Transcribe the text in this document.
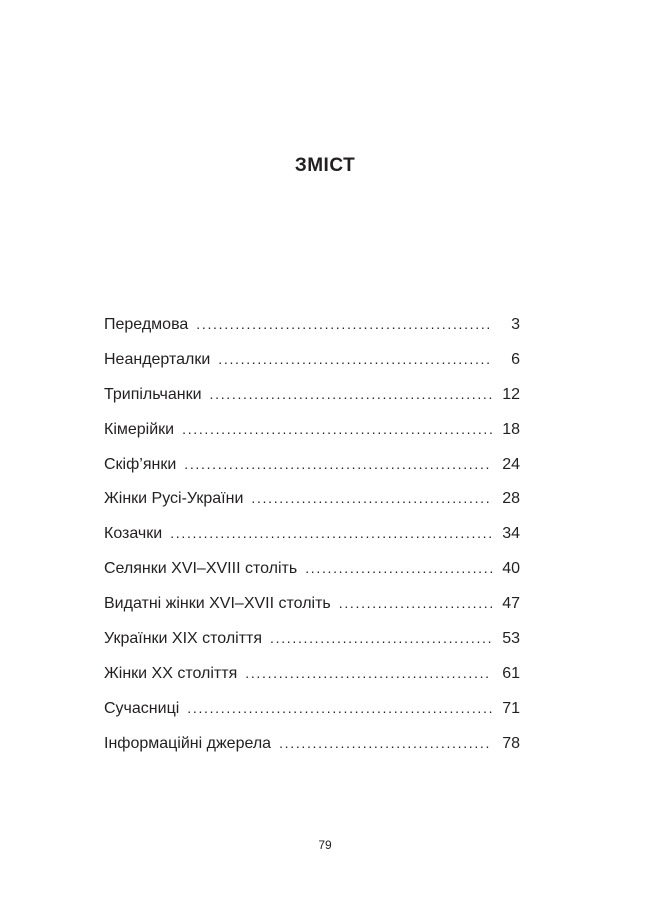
ЗМІСТ
Передмова . . .	3
Неандерталки . . .	6
Трипільчанки . . .	12
Кімерійки . . .	18
Скіф’янки . . .	24
Жінки Русі-України . . .	28
Козачки . . .	34
Селянки XVI–XVIII століть . . .	40
Видатні жінки XVI–XVII століть . . .	47
Українки XIX століття . . .	53
Жінки XX століття . . .	61
Сучасниці . . .	71
Інформаційні джерела . . .	78
79
